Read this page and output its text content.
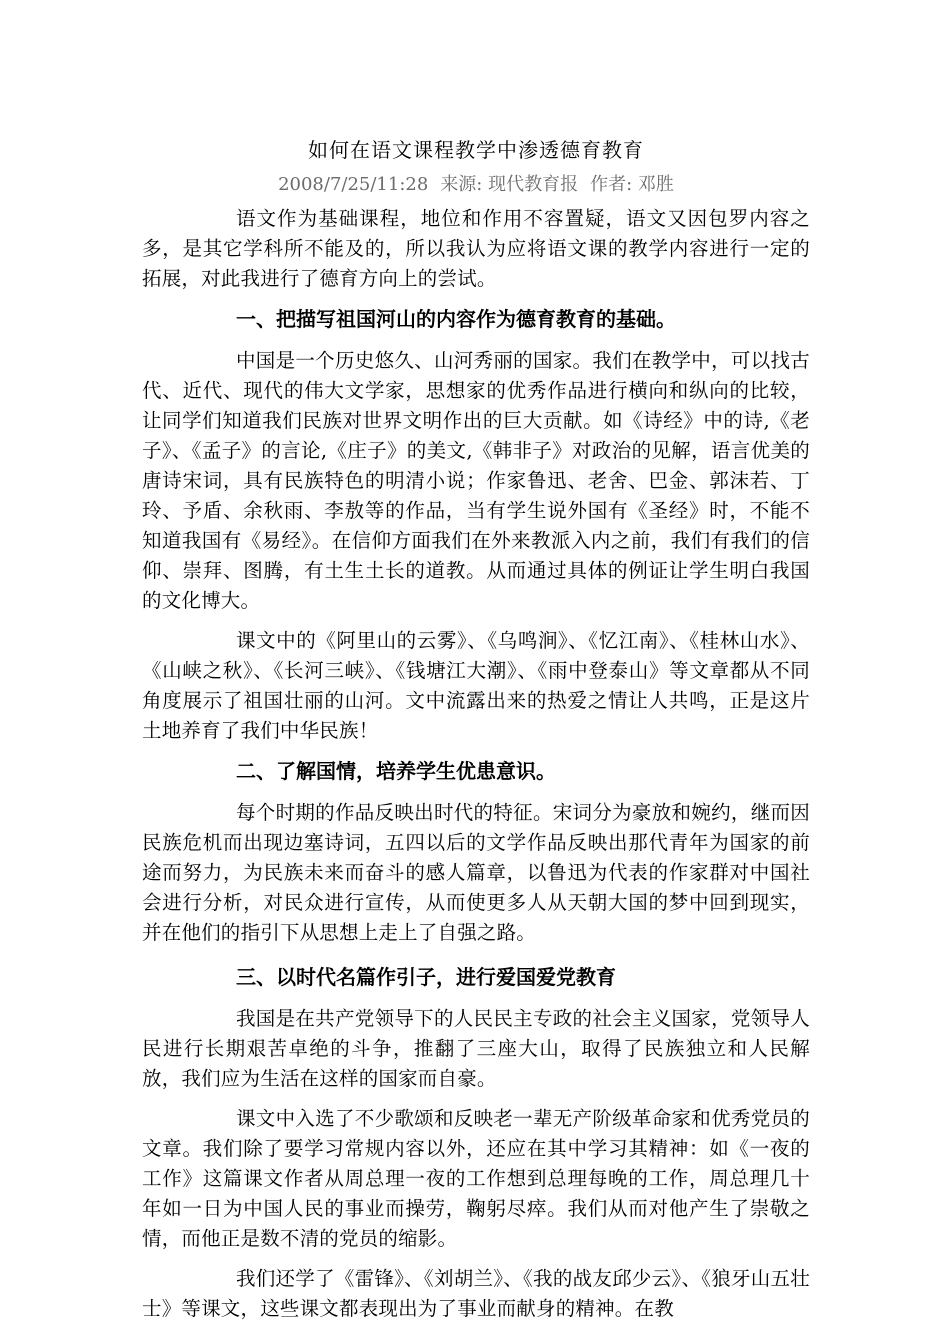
如何在语文课程教学中渗透德育教育
2008/7/25/11:28 来源: 现代教育报 作者: 邓胜

语文作为基础课程，地位和作用不容置疑，语文又因包罗内容之多，是其它学科所不能及的，所以我认为应将语文课的教学内容进行一定的拓展，对此我进行了德育方向上的尝试。

一、把描写祖国河山的内容作为德育教育的基础。

中国是一个历史悠久、山河秀丽的国家。我们在教学中，可以找古代、近代、现代的伟大文学家，思想家的优秀作品进行横向和纵向的比较，让同学们知道我们民族对世界文明作出的巨大贡献。如《诗经》中的诗,《老子》、《孟子》的言论,《庄子》的美文,《韩非子》对政治的见解，语言优美的唐诗宋词，具有民族特色的明清小说；作家鲁迅、老舍、巴金、郭沫若、丁玲、予盾、余秋雨、李敖等的作品，当有学生说外国有《圣经》时，不能不知道我国有《易经》。在信仰方面我们在外来教派入内之前，我们有我们的信仰、崇拜、图腾，有土生土长的道教。从而通过具体的例证让学生明白我国的文化博大。

课文中的《阿里山的云雾》、《乌鸣涧》、《忆江南》、《桂林山水》、《山峡之秋》、《长河三峡》、《钱塘江大潮》、《雨中登泰山》等文章都从不同角度展示了祖国壮丽的山河。文中流露出来的热爱之情让人共鸣，正是这片土地养育了我们中华民族！

二、了解国情，培养学生优患意识。

每个时期的作品反映出时代的特征。宋词分为豪放和婉约，继而因民族危机而出现边塞诗词，五四以后的文学作品反映出那代青年为国家的前途而努力，为民族未来而奋斗的感人篇章，以鲁迅为代表的作家群对中国社会进行分析，对民众进行宣传，从而使更多人从天朝大国的梦中回到现实，并在他们的指引下从思想上走上了自强之路。

三、以时代名篇作引子，进行爱国爱党教育

我国是在共产党领导下的人民民主专政的社会主义国家，党领导人民进行长期艰苦卓绝的斗争，推翻了三座大山，取得了民族独立和人民解放，我们应为生活在这样的国家而自豪。

课文中入选了不少歌颂和反映老一辈无产阶级革命家和优秀党员的文章。我们除了要学习常规内容以外，还应在其中学习其精神：如《一夜的工作》这篇课文作者从周总理一夜的工作想到总理每晚的工作，周总理几十年如一日为中国人民的事业而操劳，鞠躬尽瘁。我们从而对他产生了崇敬之情，而他正是数不清的党员的缩影。

我们还学了《雷锋》、《刘胡兰》、《我的战友邱少云》、《狼牙山五壮士》等课文，这些课文都表现出为了事业而献身的精神。在教
